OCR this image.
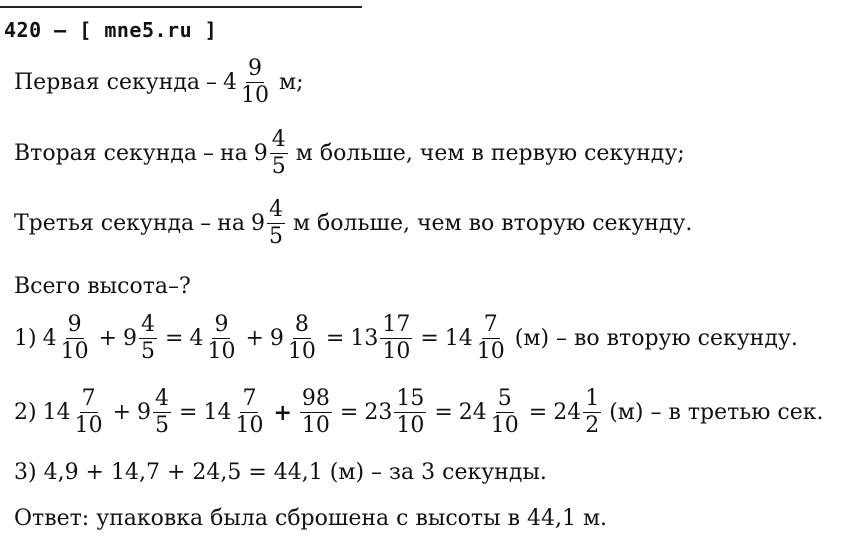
420 – [ mne5.ru ]
Первая секунда – $4 \frac{9}{10} м$;
Вторая секунда – на $9 \frac{4}{5}$ м больше, чем в первую секунду;
Третья секунда – на $9 \frac{4}{5}$ м больше, чем во вторую секунду.
Всего высота–?
1) $4 \frac{9}{10} + 9 \frac{4}{5} = 4 \frac{9}{10} + 9 \frac{8}{10} = 13 \frac{17}{10} = 14 \frac{7}{10} (м)$ – во вторую секунду.
2) $14 \frac{7}{10} + 9 \frac{4}{5} = 14 \frac{7}{10} + \frac{98}{10} = 23 \frac{15}{10} = 24 \frac{5}{10} = 24 \frac{1}{2} (м) - в$ третью сек.
3) 4,9 + 14,7 + 24,5 = 44,1 (м) – за 3 секунды.
Ответ: упаковка была сброшена с высоты в 44,1 м.
